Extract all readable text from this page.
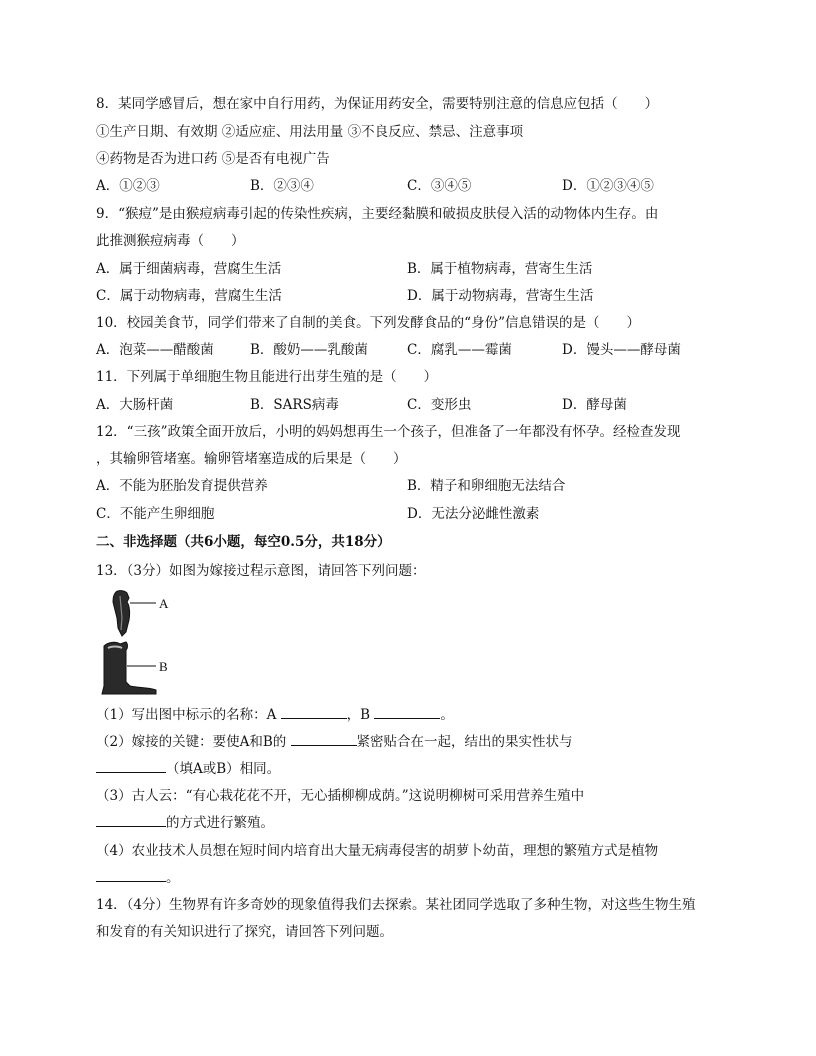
8．某同学感冒后，想在家中自行用药，为保证用药安全，需要特别注意的信息应包括（　　）
①生产日期、有效期 ②适应症、用法用量 ③不良反应、禁忌、注意事项
④药物是否为进口药 ⑤是否有电视广告
A．①②③	B．②③④	C．③④⑤	D．①②③④⑤
9．“猴痘”是由猴痘病毒引起的传染性疾病，主要经黏膜和破损皮肤侵入活的动物体内生存。由
此推测猴痘病毒（　　）
A．属于细菌病毒，营腐生生活	B．属于植物病毒，营寄生生活
C．属于动物病毒，营腐生生活	D．属于动物病毒，营寄生生活
10．校园美食节，同学们带来了自制的美食。下列发酵食品的“身份”信息错误的是（　　）
A．泡菜——醋酸菌	B．酸奶——乳酸菌	C．腐乳——霉菌	D．馒头——酵母菌
11．下列属于单细胞生物且能进行出芽生殖的是（　　）
A．大肠杆菌	B．SARS病毒	C．变形虫	D．酵母菌
12．“三孩”政策全面开放后，小明的妈妈想再生一个孩子，但准备了一年都没有怀孕。经检查发现
，其输卵管堵塞。输卵管堵塞造成的后果是（　　）
A．不能为胚胎发育提供营养	B．精子和卵细胞无法结合
C．不能产生卵细胞	D．无法分泌雌性激素
二、非选择题（共6小题，每空0.5分，共18分）
13．（3分）如图为嫁接过程示意图，请回答下列问题：
A
B
（1）写出图中标示的名称：A	，B	。
（2）嫁接的关键：要使A和B的	紧密贴合在一起，结出的果实性状与
（填A或B）相同。
（3）古人云：“有心栽花花不开，无心插柳柳成荫。”这说明柳树可采用营养生殖中
的方式进行繁殖。
（4）农业技术人员想在短时间内培育出大量无病毒侵害的胡萝卜幼苗，理想的繁殖方式是植物
。
14．（4分）生物界有许多奇妙的现象值得我们去探索。某社团同学选取了多种生物，对这些生物生殖
和发育的有关知识进行了探究，请回答下列问题。
